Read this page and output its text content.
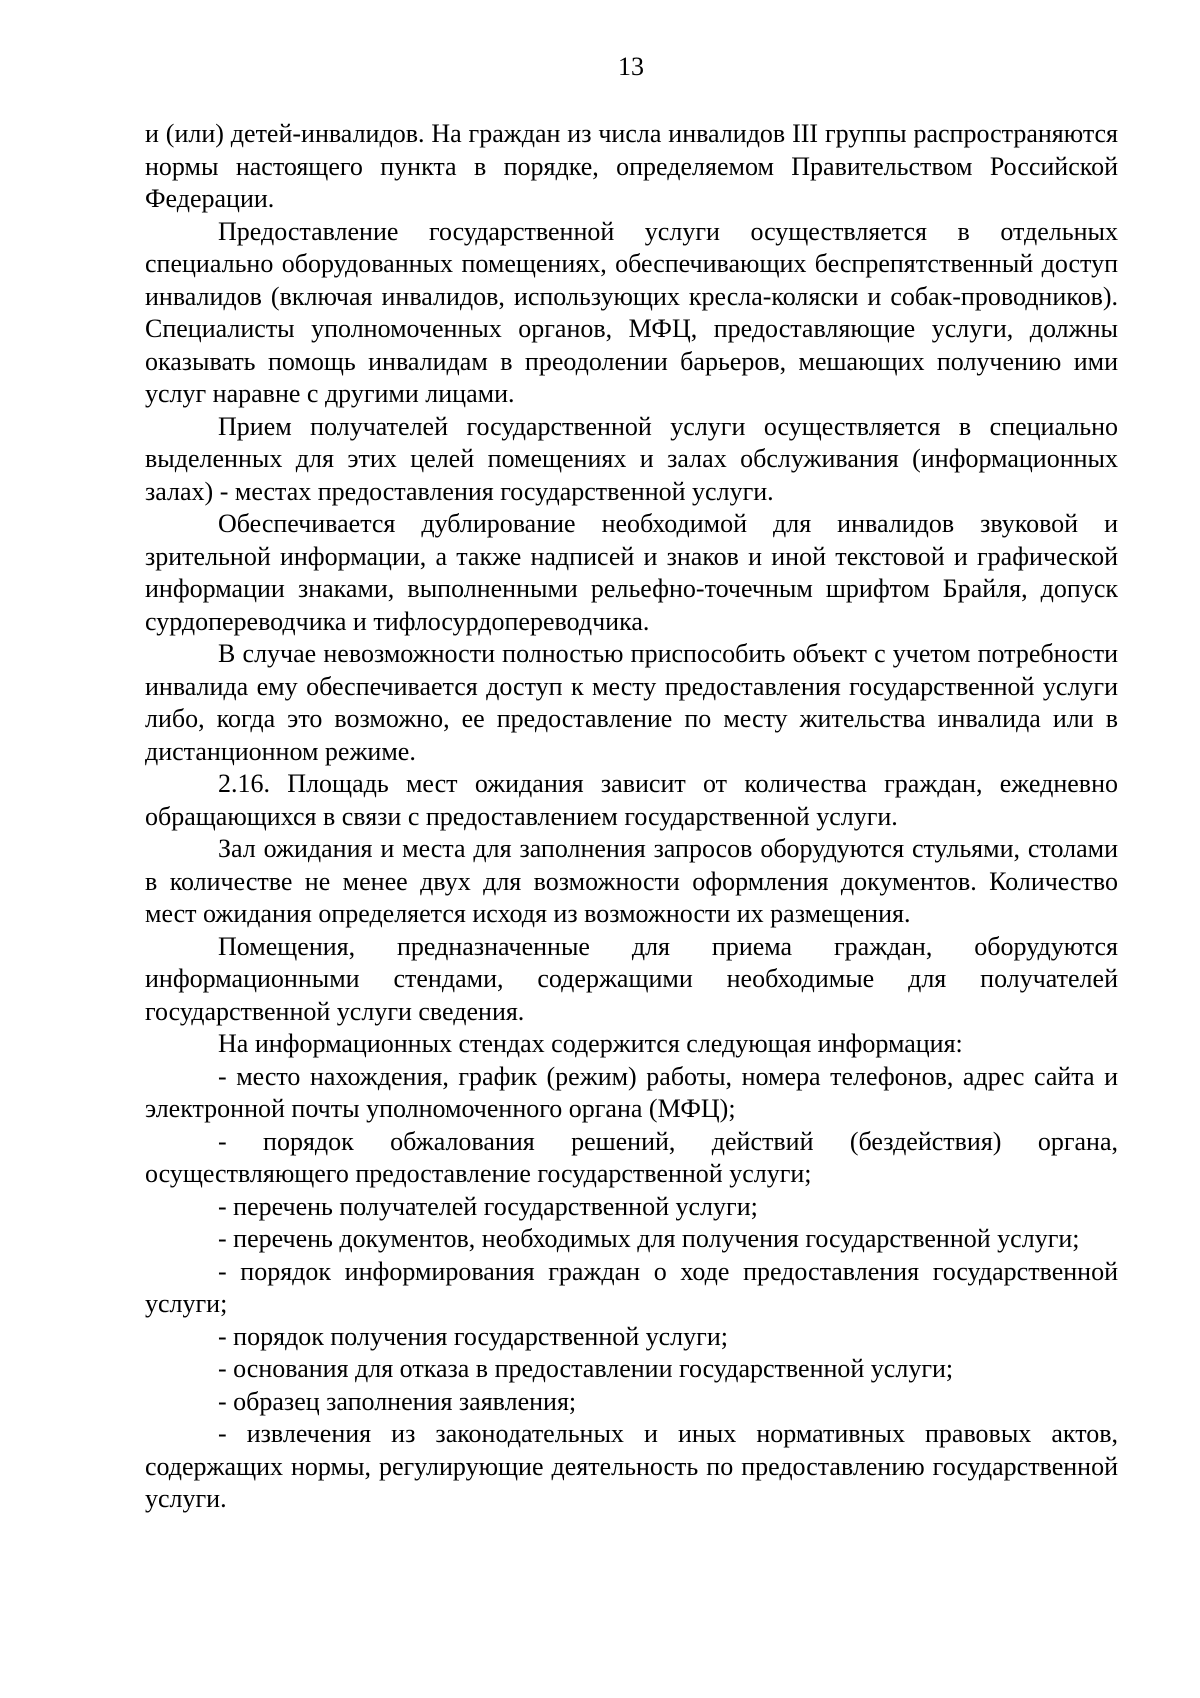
13

и (или) детей-инвалидов. На граждан из числа инвалидов III группы распространяются нормы настоящего пункта в порядке, определяемом Правительством Российской Федерации.

Предоставление государственной услуги осуществляется в отдельных специально оборудованных помещениях, обеспечивающих беспрепятственный доступ инвалидов (включая инвалидов, использующих кресла-коляски и собак-проводников). Специалисты уполномоченных органов, МФЦ, предоставляющие услуги, должны оказывать помощь инвалидам в преодолении барьеров, мешающих получению ими услуг наравне с другими лицами.

Прием получателей государственной услуги осуществляется в специально выделенных для этих целей помещениях и залах обслуживания (информационных залах) - местах предоставления государственной услуги.

Обеспечивается дублирование необходимой для инвалидов звуковой и зрительной информации, а также надписей и знаков и иной текстовой и графической информации знаками, выполненными рельефно-точечным шрифтом Брайля, допуск сурдопереводчика и тифлосурдопереводчика.

В случае невозможности полностью приспособить объект с учетом потребности инвалида ему обеспечивается доступ к месту предоставления государственной услуги либо, когда это возможно, ее предоставление по месту жительства инвалида или в дистанционном режиме.

2.16. Площадь мест ожидания зависит от количества граждан, ежедневно обращающихся в связи с предоставлением государственной услуги.

Зал ожидания и места для заполнения запросов оборудуются стульями, столами в количестве не менее двух для возможности оформления документов. Количество мест ожидания определяется исходя из возможности их размещения.

Помещения, предназначенные для приема граждан, оборудуются информационными стендами, содержащими необходимые для получателей государственной услуги сведения.

На информационных стендах содержится следующая информация:

- место нахождения, график (режим) работы, номера телефонов, адрес сайта и электронной почты уполномоченного органа (МФЦ);

- порядок обжалования решений, действий (бездействия) органа, осуществляющего предоставление государственной услуги;

- перечень получателей государственной услуги;

- перечень документов, необходимых для получения государственной услуги;

- порядок информирования граждан о ходе предоставления государственной услуги;

- порядок получения государственной услуги;

- основания для отказа в предоставлении государственной услуги;

- образец заполнения заявления;

- извлечения из законодательных и иных нормативных правовых актов, содержащих нормы, регулирующие деятельность по предоставлению государственной услуги.
